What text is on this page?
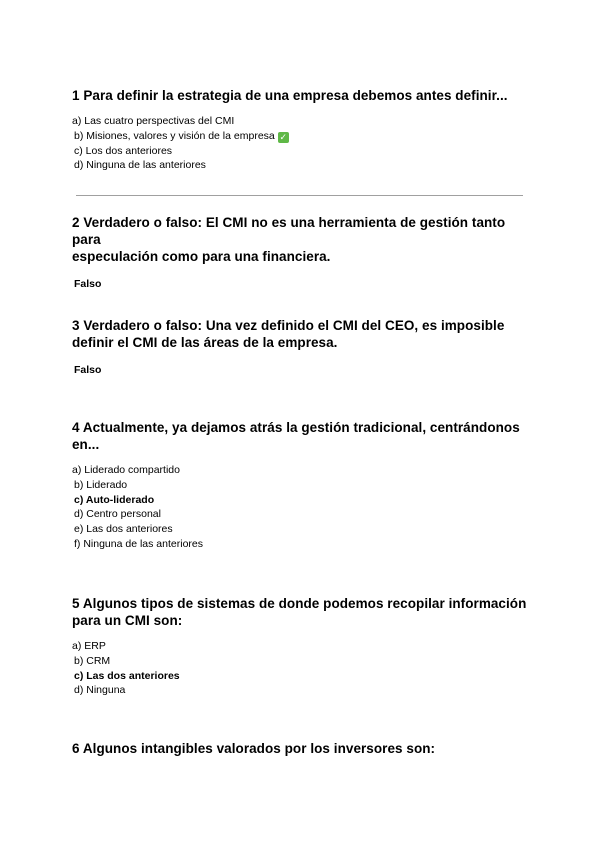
1 Para definir la estrategia de una empresa debemos antes definir...

a) Las cuatro perspectivas del CMI
b) Misiones, valores y visión de la empresa ✓
c) Los dos anteriores
d) Ninguna de las anteriores

2 Verdadero o falso: El CMI no es una herramienta de gestión tanto para
especulación como para una financiera.

Falso

3 Verdadero o falso: Una vez definido el CMI del CEO, es imposible
definir el CMI de las áreas de la empresa.

Falso

4 Actualmente, ya dejamos atrás la gestión tradicional, centrándonos
en...

a) Liderado compartido
b) Liderado
c) Auto-liderado
d) Centro personal
e) Las dos anteriores
f) Ninguna de las anteriores

5 Algunos tipos de sistemas de donde podemos recopilar información
para un CMI son:

a) ERP
b) CRM
c) Las dos anteriores
d) Ninguna

6 Algunos intangibles valorados por los inversores son:
